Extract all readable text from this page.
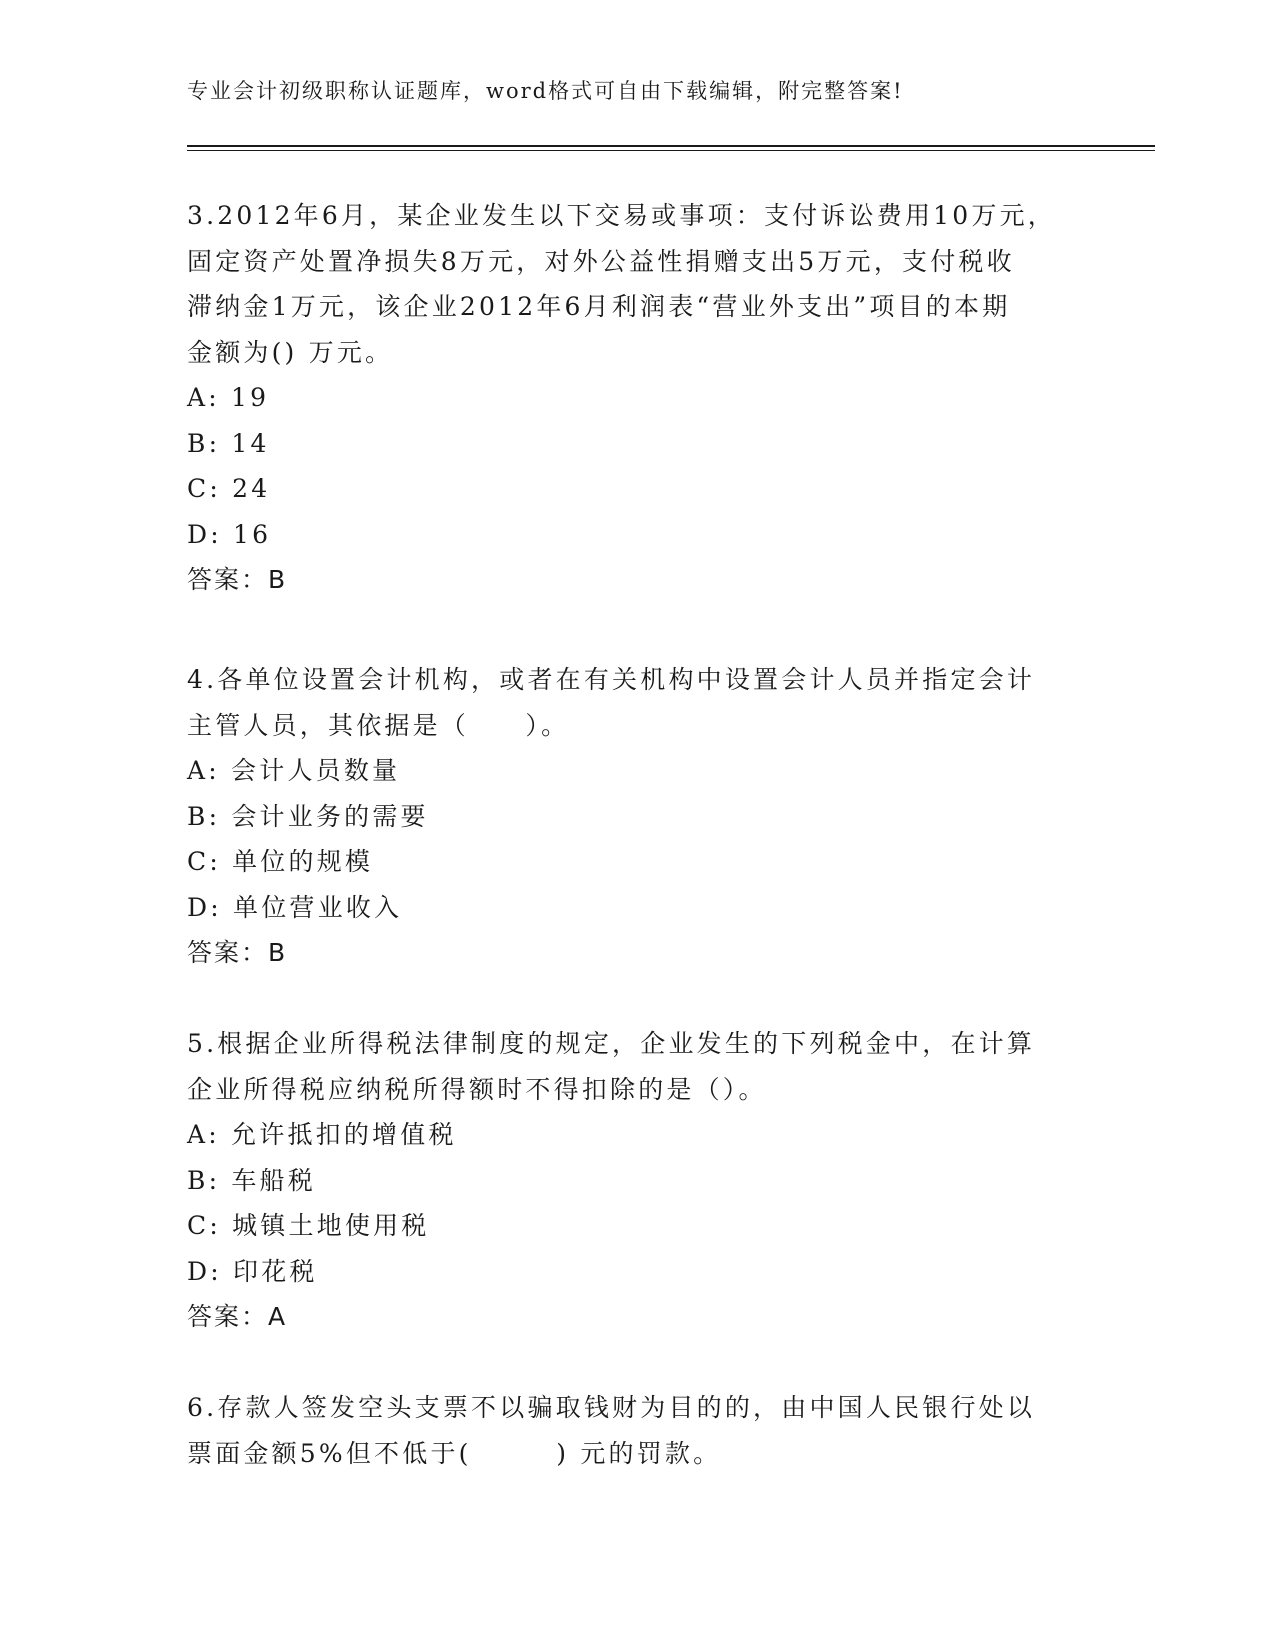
专业会计初级职称认证题库，word格式可自由下载编辑，附完整答案!
3.2012年6月，某企业发生以下交易或事项：支付诉讼费用10万元，
固定资产处置净损失8万元，对外公益性捐赠支出5万元，支付税收
滞纳金1万元，该企业2012年6月利润表“营业外支出”项目的本期
金额为() 万元。
A: 19
B: 14
C: 24
D: 16
答案：B
4.各单位设置会计机构，或者在有关机构中设置会计人员并指定会计
主管人员，其依据是（　　）。
A: 会计人员数量
B: 会计业务的需要
C: 单位的规模
D: 单位营业收入
答案：B
5.根据企业所得税法律制度的规定，企业发生的下列税金中，在计算
企业所得税应纳税所得额时不得扣除的是（）。
A: 允许抵扣的增值税
B: 车船税
C: 城镇土地使用税
D: 印花税
答案：A
6.存款人签发空头支票不以骗取钱财为目的的，由中国人民银行处以
票面金额5%但不低于(　　　) 元的罚款。
